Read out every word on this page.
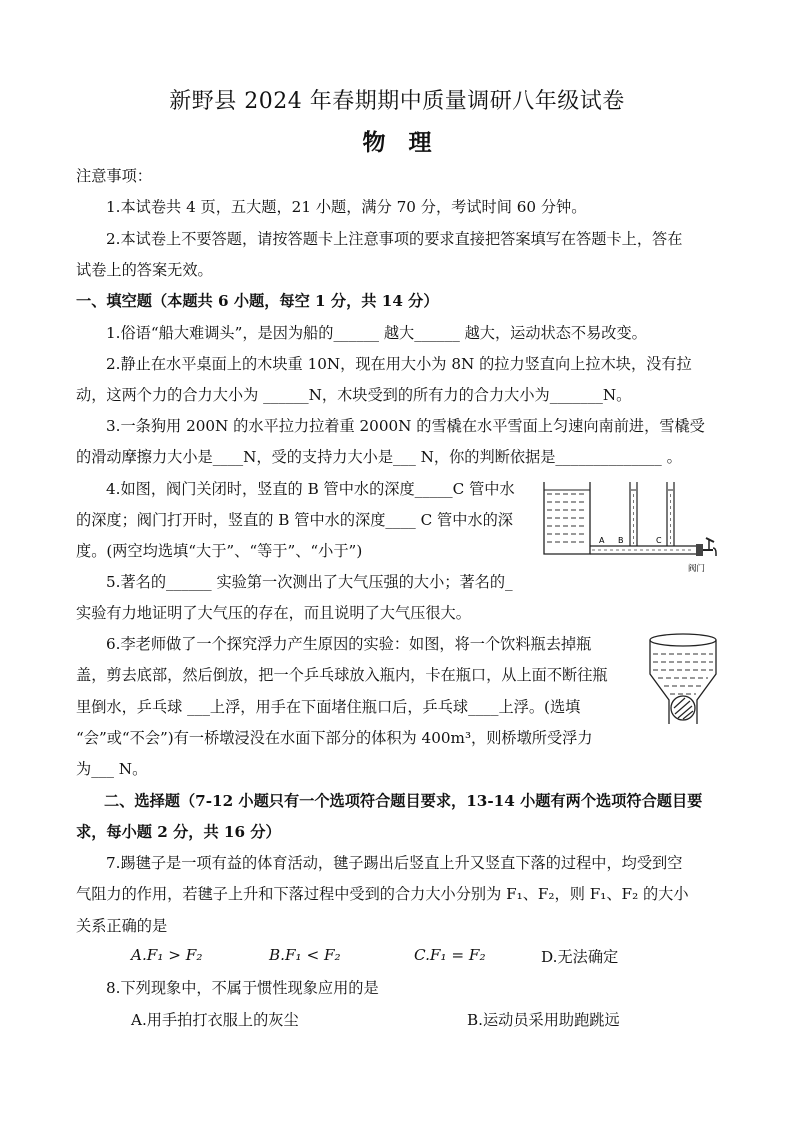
新野县 2024 年春期期中质量调研八年级试卷
物　理
注意事项：
1.本试卷共 4 页，五大题，21 小题，满分 70 分，考试时间 60 分钟。
2.本试卷上不要答题，请按答题卡上注意事项的要求直接把答案填写在答题卡上，答在
试卷上的答案无效。
一、填空题（本题共 6 小题，每空 1 分，共 14 分）
1.俗语“船大难调头”，是因为船的______ 越大______ 越大，运动状态不易改变。
2.静止在水平桌面上的木块重 10N，现在用大小为 8N 的拉力竖直向上拉木块，没有拉
动，这两个力的合力大小为 ______N，木块受到的所有力的合力大小为_______N。
3.一条狗用 200N 的水平拉力拉着重 2000N 的雪橇在水平雪面上匀速向南前进，雪橇受
的滑动摩擦力大小是____N，受的支持力大小是___ N，你的判断依据是______________ 。
4.如图，阀门关闭时，竖直的 B 管中水的深度_____C 管中水
的深度；阀门打开时，竖直的 B 管中水的深度____ C 管中水的深
度。(两空均选填“大于”、“等于”、“小于”)
A B	C
阀门
5.著名的______ 实验第一次测出了大气压强的大小；著名的_
实验有力地证明了大气压的存在，而且说明了大气压很大。
6.李老师做了一个探究浮力产生原因的实验：如图，将一个饮料瓶去掉瓶
盖，剪去底部，然后倒放，把一个乒乓球放入瓶内，卡在瓶口，从上面不断往瓶
里倒水，乒乓球 ___上浮，用手在下面堵住瓶口后，乒乓球____上浮。(选填
“会”或“不会”)有一桥墩浸没在水面下部分的体积为 400m³，则桥墩所受浮力
为___ N。
二、选择题（7-12 小题只有一个选项符合题目要求，13-14 小题有两个选项符合题目要
求，每小题 2 分，共 16 分）
7.踢毽子是一项有益的体育活动，毽子踢出后竖直上升又竖直下落的过程中，均受到空
气阻力的作用，若毽子上升和下落过程中受到的合力大小分别为 F₁、F₂，则 F₁、F₂ 的大小
关系正确的是
A.F₁ > F₂	B.F₁ < F₂	C.F₁ = F₂	D.无法确定
8.下列现象中，不属于惯性现象应用的是
A.用手拍打衣服上的灰尘	B.运动员采用助跑跳远
